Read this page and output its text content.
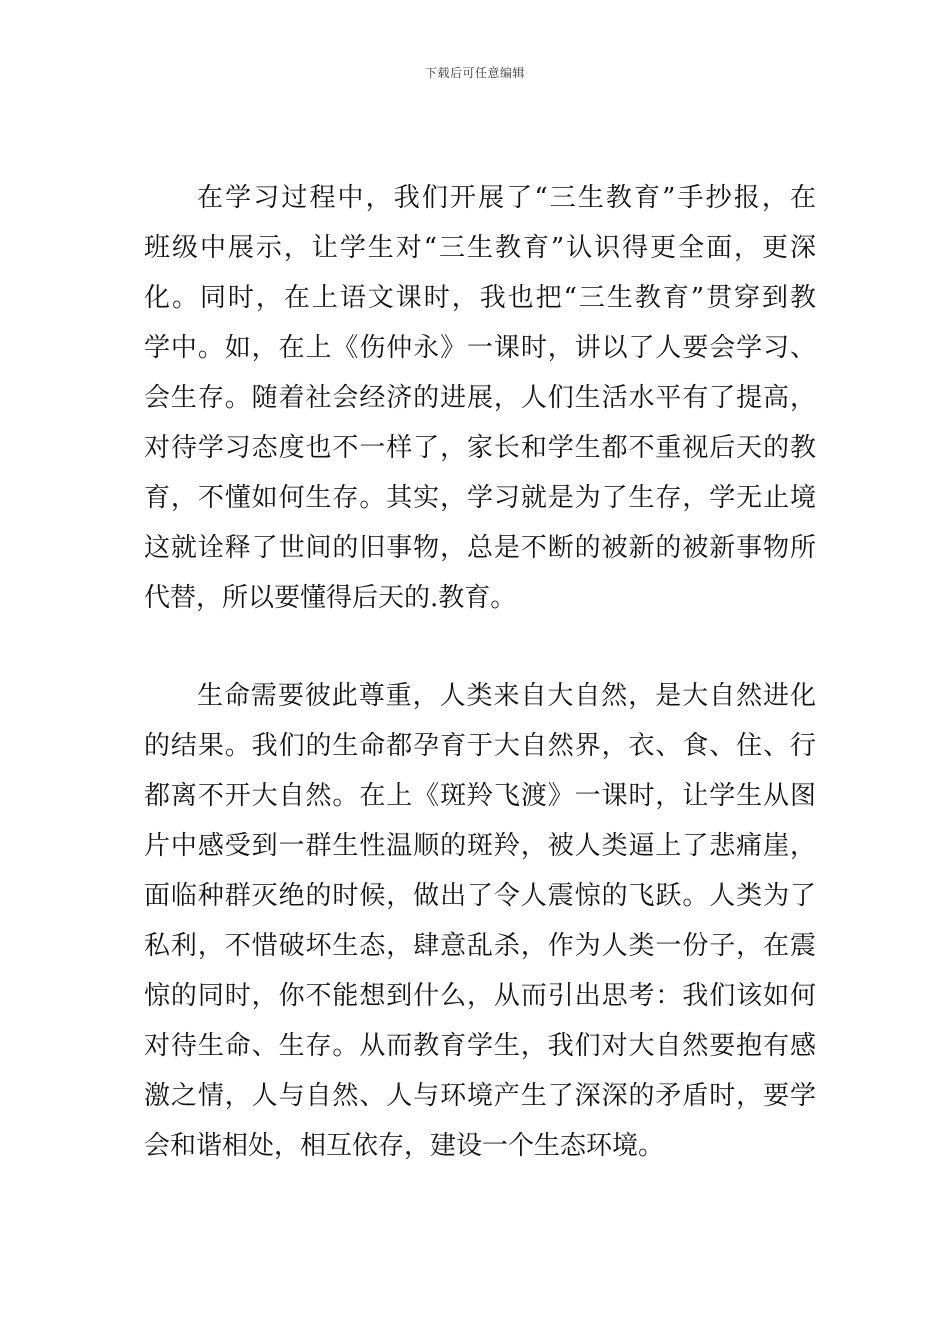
下载后可任意编辑
在学习过程中，我们开展了“三生教育”手抄报，在
班级中展示，让学生对“三生教育”认识得更全面，更深
化。同时，在上语文课时，我也把“三生教育”贯穿到教
学中。如，在上《伤仲永》一课时，讲以了人要会学习、
会生存。随着社会经济的进展，人们生活水平有了提高，
对待学习态度也不一样了，家长和学生都不重视后天的教
育，不懂如何生存。其实，学习就是为了生存，学无止境
这就诠释了世间的旧事物，总是不断的被新的被新事物所
代替，所以要懂得后天的.教育。
生命需要彼此尊重，人类来自大自然，是大自然进化
的结果。我们的生命都孕育于大自然界，衣、食、住、行
都离不开大自然。在上《斑羚飞渡》一课时，让学生从图
片中感受到一群生性温顺的斑羚，被人类逼上了悲痛崖，
面临种群灭绝的时候，做出了令人震惊的飞跃。人类为了
私利，不惜破坏生态，肆意乱杀，作为人类一份子，在震
惊的同时，你不能想到什么，从而引出思考：我们该如何
对待生命、生存。从而教育学生，我们对大自然要抱有感
激之情，人与自然、人与环境产生了深深的矛盾时，要学
会和谐相处，相互依存，建设一个生态环境。
